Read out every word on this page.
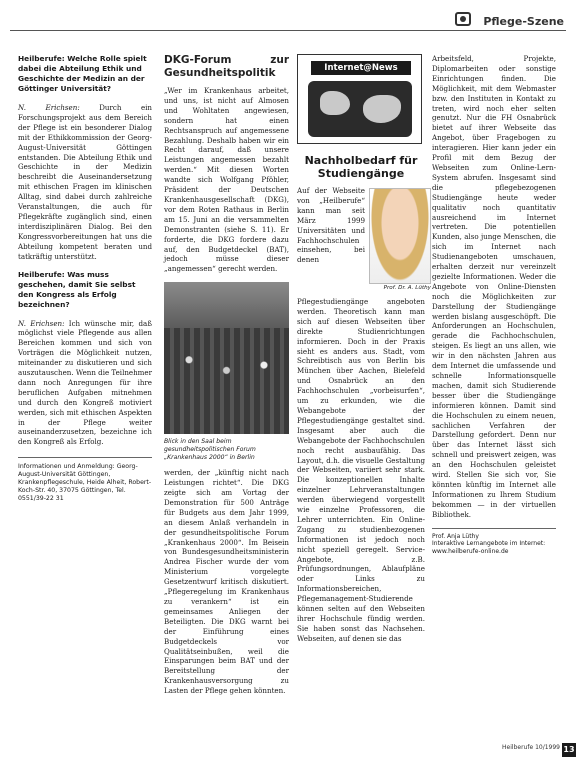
Pflege-Szene
Heilberufe: Welche Rolle spielt dabei die Abteilung Ethik und Geschichte der Medizin an der Göttinger Universität?
N. Erichsen:	Durch ein Forschungsprojekt aus dem Bereich der Pflege ist ein besonderer Dialog mit der Ethikkommission der Georg-August-Universität Göttingen entstanden. Die Abteilung Ethik und Geschichte in der Medizin beschreibt die Auseinandersetzung mit ethischen Fragen im klinischen Alltag, sind dabei durch zahlreiche Veranstaltungen, die auch für Pflegekräfte zugänglich sind, einen interdisziplinären Dialog. Bei den Kongressvorbereitungen hat uns die Abteilung kompetent beraten und tatkräftig unterstützt.
Heilberufe: Was muss geschehen, damit Sie selbst den Kongress als Erfolg bezeichnen?
N. Erichsen: Ich wünsche mir, daß möglichst viele Pflegende aus allen Bereichen kommen und sich von Vorträgen die Möglichkeit nutzen, miteinander zu diskutieren und sich auszutauschen. Wenn die Teilnehmer dann noch Anregungen für ihre beruflichen Aufgaben mitnehmen und durch den Kongreß motiviert werden, sich mit ethischen Aspekten in der Pflege weiter auseinanderzusetzen, bezeichne ich den Kongreß als Erfolg.
Informationen und Anmeldung: Georg-August-Universität Göttingen, Krankenpflegeschule, Heide Alheit, Robert-Koch-Str. 40, 37075 Göttingen, Tel. 0551/39-22 31
DKG-Forum zur Gesundheitspolitik
„Wer im Krankenhaus arbeitet, und uns, ist nicht auf Almosen und Wohltaten angewiesen, sondern hat einen Rechtsanspruch auf angemessene Bezahlung. Deshalb haben wir ein Recht darauf, daß unsere Leistungen angemessen bezahlt werden.“ Mit diesen Worten wandte sich Wolfgang Pföhler, Präsident der Deutschen Krankenhausgesellschaft (DKG), vor dem Roten Rathaus in Berlin am 15. Juni an die versammelten Demonstranten (siehe S. 11). Er forderte, die DKG fordere dazu auf, den Budgetdeckel (BAT), jedoch müsse dieser „angemessen“ gerecht werden.
Blick in den Saal beim gesundheitspolitischen Forum „Krankenhaus 2000“ in Berlin
werden, der „künftig nicht nach Leistungen richtet“. Die DKG zeigte sich am Vortag der Demonstration für 500 Anträge für Budgets aus dem Jahr 1999, an diesem Anlaß verhandeln in der gesundheitspolitische Forum „Krankenhaus 2000“. Im Beisein von Bundesgesundheitsministerin Andrea Fischer wurde der vom Ministerium vorgelegte Gesetzentwurf kritisch diskutiert. „Pflegeregelung im Krankenhaus zu verankern“ ist ein gemeinsames Anliegen der Beteiligten. Die DKG warnt bei der Einführung eines Budgetdeckels vor Qualitätseinbußen, weil die Einsparungen beim BAT und der Bereitstellung der Krankenhausversorgung zu Lasten der Pflege gehen könnten.
Internet@News
Nachholbedarf für Studiengänge
Prof. Dr. A. Lüthy
Auf der Webseite von „Heilberufe“ kann man seit März 1999 Universitäten und Fachhochschulen einsehen, bei denen Pflegestudiengänge angeboten werden. Theoretisch kann man sich auf diesen Webseiten über direkte Studienrichtungen informieren. Doch in der Praxis sieht es anders aus. Stadt, vom Schreibtisch aus von Berlin bis München über Aachen, Bielefeld und Osnabrück an den Fachhochschulen „vorbeisurfen“, um zu erkunden, wie die Webangebote der Pflegestudiengänge gestaltet sind. Insgesamt aber auch die Webangebote der Fachhochschulen noch recht ausbaufähig. Das Layout, d.h. die visuelle Gestaltung der Webseiten, variiert sehr stark. Die konzeptionellen Inhalte einzelner Lehrveranstaltungen werden überwiegend vorgestellt wie einzelne Professoren, die Lehrer unterrichten. Ein Online-Zugang zu studienbezogenen Informationen ist jedoch noch nicht speziell geregelt. Service-Angebote, z.B. Prüfungsordnungen, Ablaufpläne oder Links zu Informationsbereichen, Pflegemanagement-Studierende können selten auf den Webseiten ihrer Hochschule fündig werden. Sie haben sonst das Nachsehen. Webseiten, auf denen sie das
Arbeitsfeld, Projekte, Diplomarbeiten oder sonstige Einrichtungen finden. Die Möglichkeit, mit dem Webmaster bzw. den Instituten in Kontakt zu treten, wird noch eher selten genutzt. Nur die FH Osnabrück bietet auf ihrer Webseite das Angebot, über Fragebogen zu interagieren. Hier kann jeder ein Profil mit dem Bezug der Webseiten zum Online-Lern-System abrufen. Insgesamt sind die pflegebezogenen Studiengänge heute weder qualitativ noch quantitativ ausreichend im Internet vertreten. Die potentiellen Kunden, also junge Menschen, die sich im Internet nach Studienangeboten umschauen, erhalten derzeit nur vereinzelt gezielte Informationen. Weder die Angebote von Online-Diensten noch die Möglichkeiten zur Darstellung der Studiengänge werden bislang ausgeschöpft. Die Anforderungen an Hochschulen, gerade die Fachhochschulen, steigen. Es liegt an uns allen, wie wir in den nächsten Jahren aus dem Internet die umfassende und schnelle Informationsquelle machen, damit sich Studierende besser über die Studiengänge informieren können. Damit sind die Hochschulen zu einem neuen, sachlichen Verfahren der Darstellung gefordert. Denn nur über das Internet lässt sich schnell und preiswert zeigen, was an den Hochschulen geleistet wird. Stellen Sie sich vor, Sie könnten künftig im Internet alle Informationen zu Ihrem Studium bekommen — in der virtuellen Bibliothek.
Prof. Anja Lüthy
Interaktive Lernangebote im Internet: www.heilberufe-online.de
Heilberufe 10/1999 13
